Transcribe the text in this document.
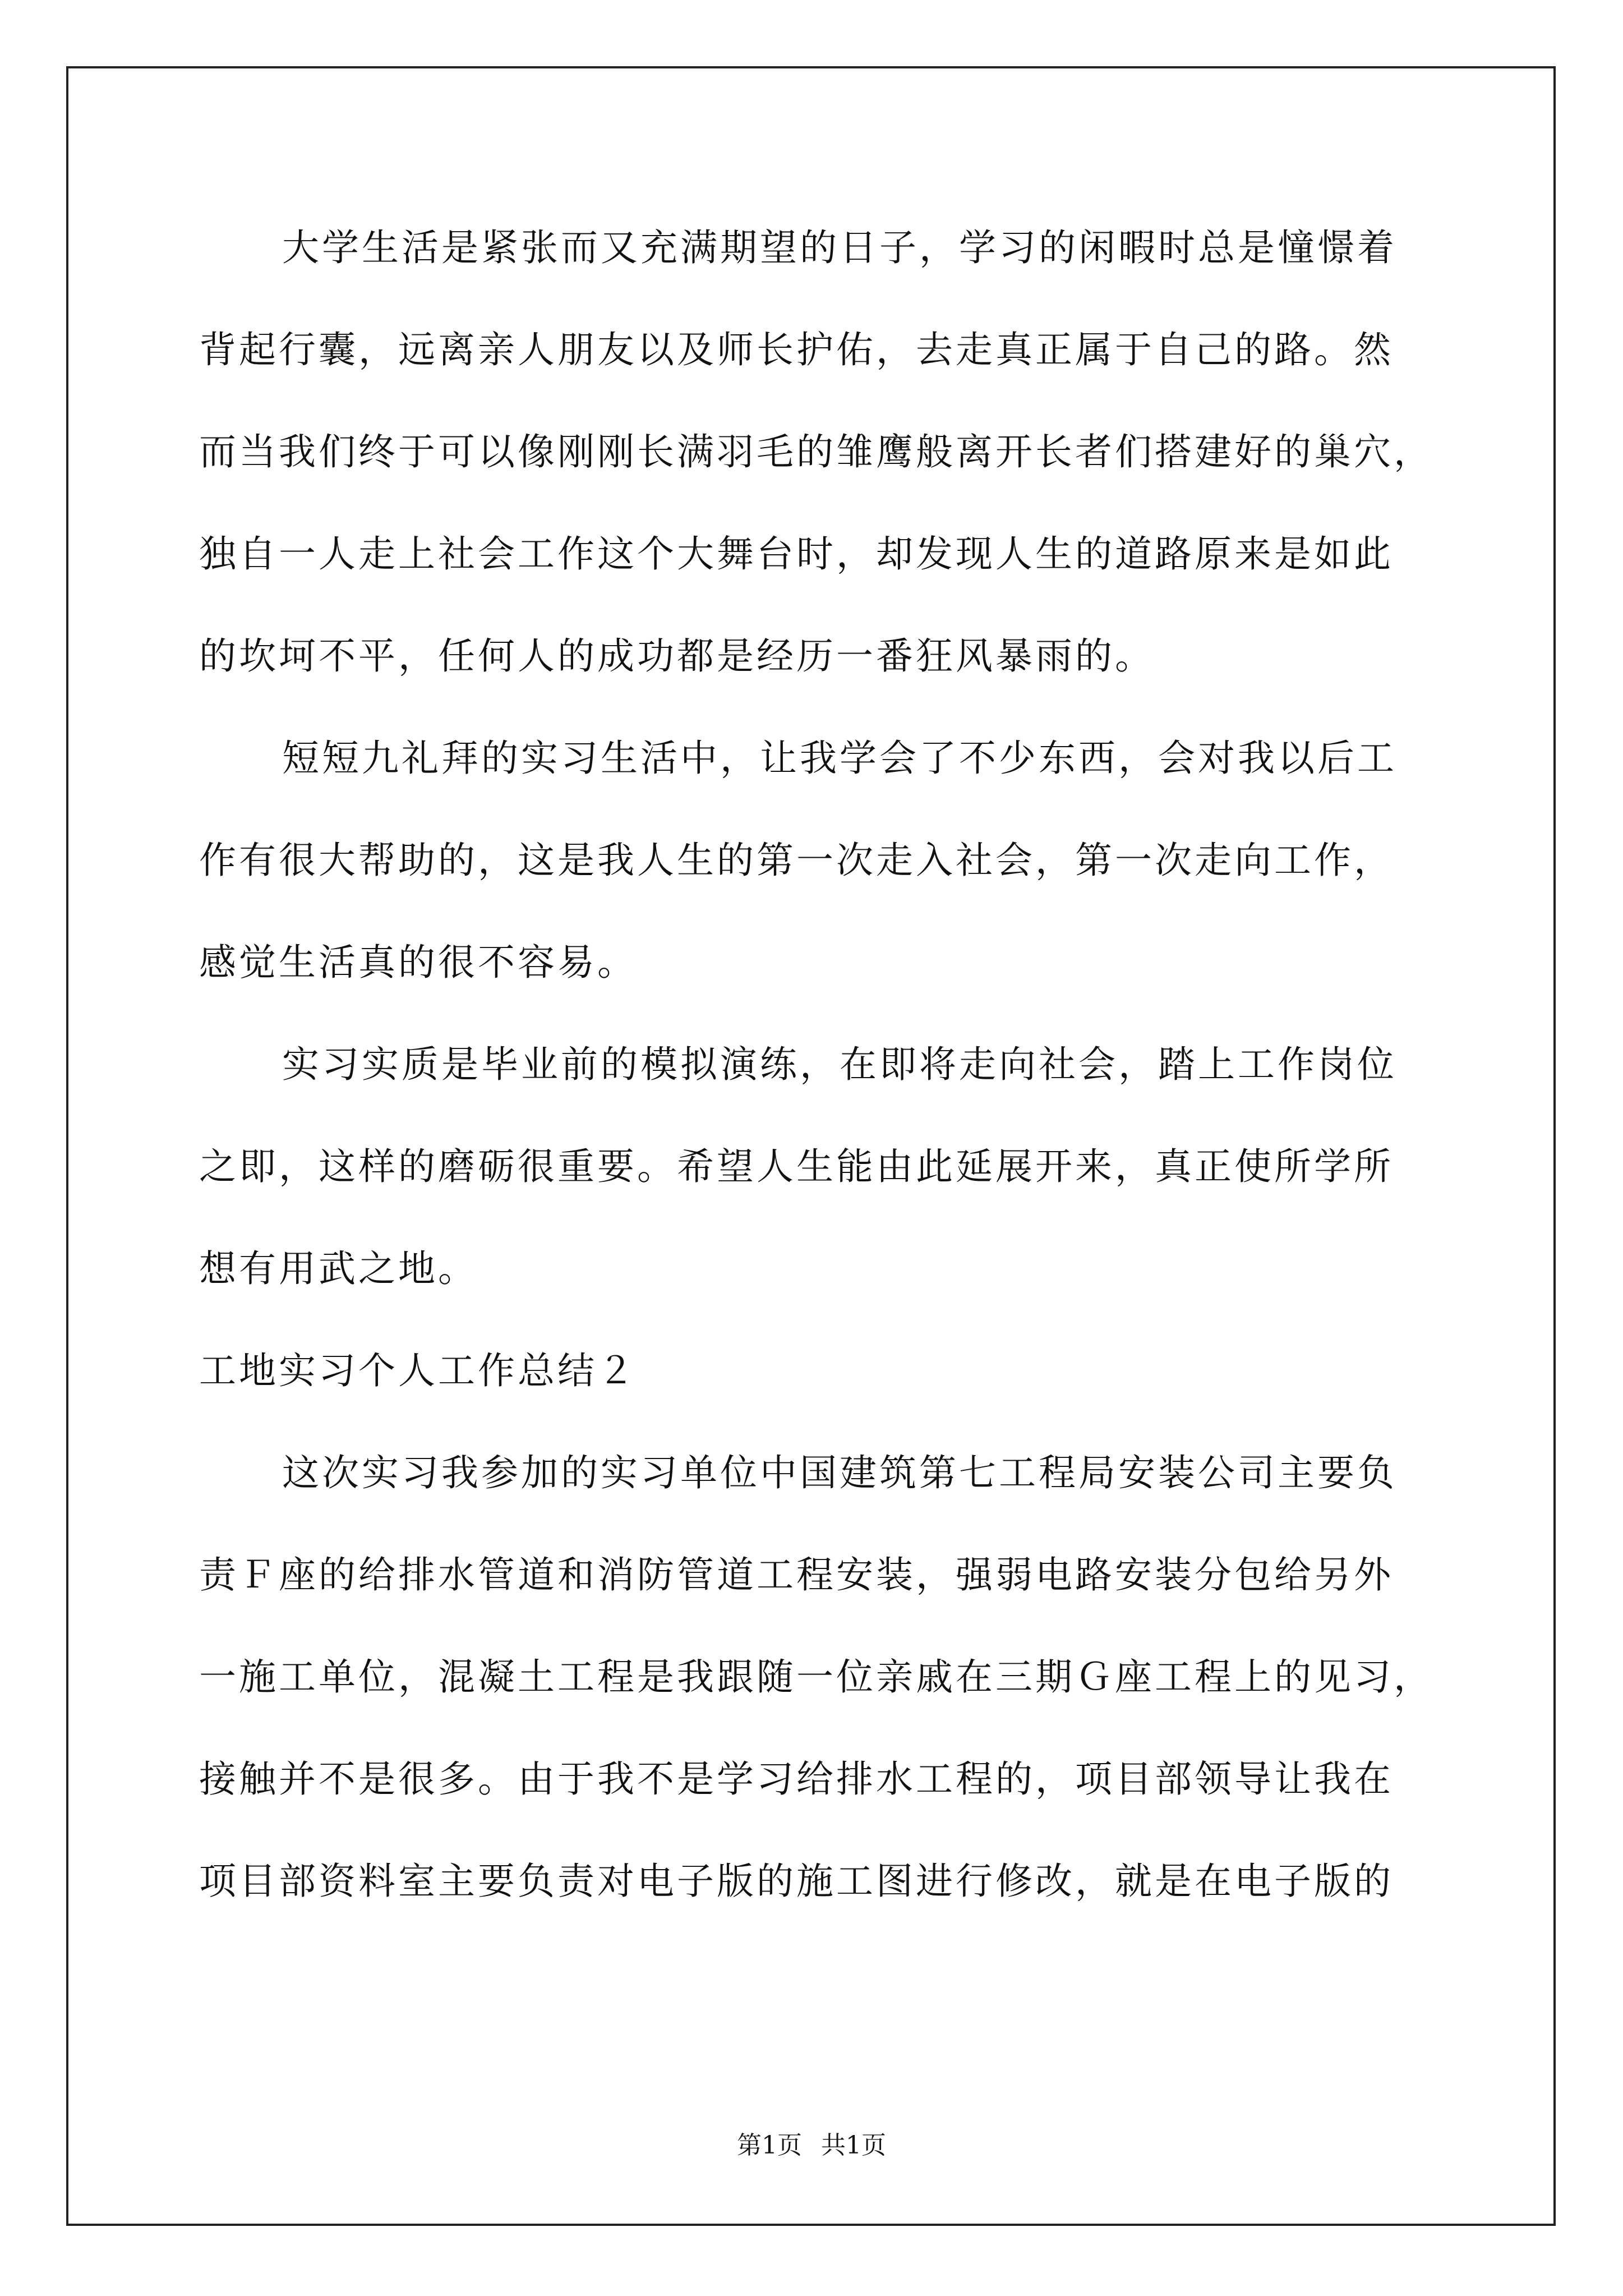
大学生活是紧张而又充满期望的日子，学习的闲暇时总是憧憬着
背起行囊，远离亲人朋友以及师长护佑，去走真正属于自己的路。然
而当我们终于可以像刚刚长满羽毛的雏鹰般离开长者们搭建好的巢穴，
独自一人走上社会工作这个大舞台时，却发现人生的道路原来是如此
的坎坷不平，任何人的成功都是经历一番狂风暴雨的。
短短九礼拜的实习生活中，让我学会了不少东西，会对我以后工
作有很大帮助的，这是我人生的第一次走入社会，第一次走向工作，
感觉生活真的很不容易。
实习实质是毕业前的模拟演练，在即将走向社会，踏上工作岗位
之即，这样的磨砺很重要。希望人生能由此延展开来，真正使所学所
想有用武之地。
工地实习个人工作总结２
这次实习我参加的实习单位中国建筑第七工程局安装公司主要负
责Ｆ座的给排水管道和消防管道工程安装，强弱电路安装分包给另外
一施工单位，混凝土工程是我跟随一位亲戚在三期Ｇ座工程上的见习，
接触并不是很多。由于我不是学习给排水工程的，项目部领导让我在
项目部资料室主要负责对电子版的施工图进行修改，就是在电子版的
第1页 共1页
